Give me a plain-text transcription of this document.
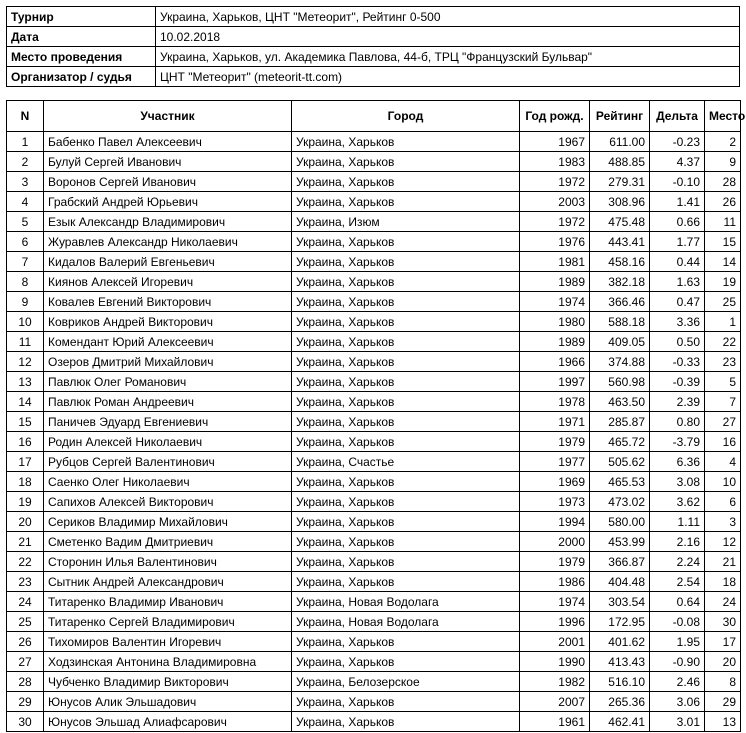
Турнир	Украина, Харьков, ЦНТ "Метеорит", Рейтинг 0-500
Дата	10.02.2018
Место проведения	Украина, Харьков, ул. Академика Павлова, 44-б, ТРЦ "Французский Бульвар"
Организатор / судья	ЦНТ "Метеорит" (meteorit-tt.com)
N	Участник	Город	Год рожд.	Рейтинг	Дельта	Место
1	Бабенко Павел Алексеевич	Украина, Харьков	1967	611.00	-0.23	2
2	Булуй Сергей Иванович	Украина, Харьков	1983	488.85	4.37	9
3	Воронов Сергей Иванович	Украина, Харьков	1972	279.31	-0.10	28
4	Грабский Андрей Юрьевич	Украина, Харьков	2003	308.96	1.41	26
5	Езык Александр Владимирович	Украина, Изюм	1972	475.48	0.66	11
6	Журавлев Александр Николаевич	Украина, Харьков	1976	443.41	1.77	15
7	Кидалов Валерий Евгеньевич	Украина, Харьков	1981	458.16	0.44	14
8	Киянов Алексей Игоревич	Украина, Харьков	1989	382.18	1.63	19
9	Ковалев Евгений Викторович	Украина, Харьков	1974	366.46	0.47	25
10	Ковриков Андрей Викторович	Украина, Харьков	1980	588.18	3.36	1
11	Комендант Юрий Алексеевич	Украина, Харьков	1989	409.05	0.50	22
12	Озеров Дмитрий Михайлович	Украина, Харьков	1966	374.88	-0.33	23
13	Павлюк Олег Романович	Украина, Харьков	1997	560.98	-0.39	5
14	Павлюк Роман Андреевич	Украина, Харьков	1978	463.50	2.39	7
15	Паничев Эдуард Евгениевич	Украина, Харьков	1971	285.87	0.80	27
16	Родин Алексей Николаевич	Украина, Харьков	1979	465.72	-3.79	16
17	Рубцов Сергей Валентинович	Украина, Счастье	1977	505.62	6.36	4
18	Саенко Олег Николаевич	Украина, Харьков	1969	465.53	3.08	10
19	Сапихов Алексей Викторович	Украина, Харьков	1973	473.02	3.62	6
20	Сериков Владимир Михайлович	Украина, Харьков	1994	580.00	1.11	3
21	Сметенко Вадим Дмитриевич	Украина, Харьков	2000	453.99	2.16	12
22	Сторонин Илья Валентинович	Украина, Харьков	1979	366.87	2.24	21
23	Сытник Андрей Александрович	Украина, Харьков	1986	404.48	2.54	18
24	Титаренко Владимир Иванович	Украина, Новая Водолага	1974	303.54	0.64	24
25	Титаренко Сергей Владимирович	Украина, Новая Водолага	1996	172.95	-0.08	30
26	Тихомиров Валентин Игоревич	Украина, Харьков	2001	401.62	1.95	17
27	Ходзинская Антонина Владимировна	Украина, Харьков	1990	413.43	-0.90	20
28	Чубченко Владимир Викторович	Украина, Белозерское	1982	516.10	2.46	8
29	Юнусов Алик Эльшадович	Украина, Харьков	2007	265.36	3.06	29
30	Юнусов Эльшад Алиафсарович	Украина, Харьков	1961	462.41	3.01	13
